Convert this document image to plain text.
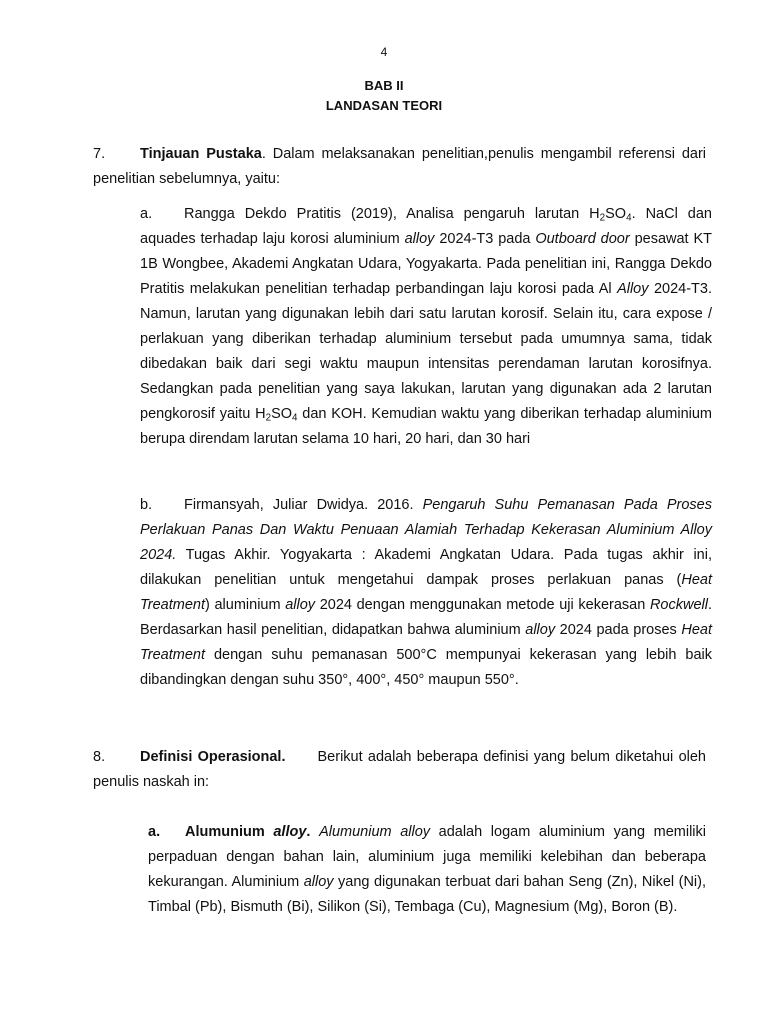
4
BAB II
LANDASAN TEORI
7. Tinjauan Pustaka. Dalam melaksanakan penelitian,penulis mengambil referensi dari penelitian sebelumnya, yaitu:
a. Rangga Dekdo Pratitis (2019), Analisa pengaruh larutan $H_2SO_4$. NaCl dan aquades terhadap laju korosi aluminium alloy 2024-T3 pada Outboard door pesawat KT 1B Wongbee, Akademi Angkatan Udara, Yogyakarta. Pada penelitian ini, Rangga Dekdo Pratitis melakukan penelitian terhadap perbandingan laju korosi pada Al Alloy 2024-T3. Namun, larutan yang digunakan lebih dari satu larutan korosif. Selain itu, cara expose / perlakuan yang diberikan terhadap aluminium tersebut pada umumnya sama, tidak dibedakan baik dari segi waktu maupun intensitas perendaman larutan korosifnya. Sedangkan pada penelitian yang saya lakukan, larutan yang digunakan ada 2 larutan pengkorosif yaitu $H_2SO_4$ dan KOH. Kemudian waktu yang diberikan terhadap aluminium berupa direndam larutan selama 10 hari, 20 hari, dan 30 hari
b. Firmansyah, Juliar Dwidya. 2016. Pengaruh Suhu Pemanasan Pada Proses Perlakuan Panas Dan Waktu Penuaan Alamiah Terhadap Kekerasan Aluminium Alloy 2024. Tugas Akhir. Yogyakarta : Akademi Angkatan Udara. Pada tugas akhir ini, dilakukan penelitian untuk mengetahui dampak proses perlakuan panas (Heat Treatment) aluminium alloy 2024 dengan menggunakan metode uji kekerasan Rockwell. Berdasarkan hasil penelitian, didapatkan bahwa aluminium alloy 2024 pada proses Heat Treatment dengan suhu pemanasan 500°C mempunyai kekerasan yang lebih baik dibandingkan dengan suhu 350°, 400°, 450° maupun 550°.
8. Definisi Operasional. Berikut adalah beberapa definisi yang belum diketahui oleh penulis naskah in:
a. Alumunium alloy. Alumunium alloy adalah logam aluminium yang memiliki perpaduan dengan bahan lain, aluminium juga memiliki kelebihan dan beberapa kekurangan. Aluminium alloy yang digunakan terbuat dari bahan Seng (Zn), Nikel (Ni), Timbal (Pb), Bismuth (Bi), Silikon (Si), Tembaga (Cu), Magnesium (Mg), Boron (B).
